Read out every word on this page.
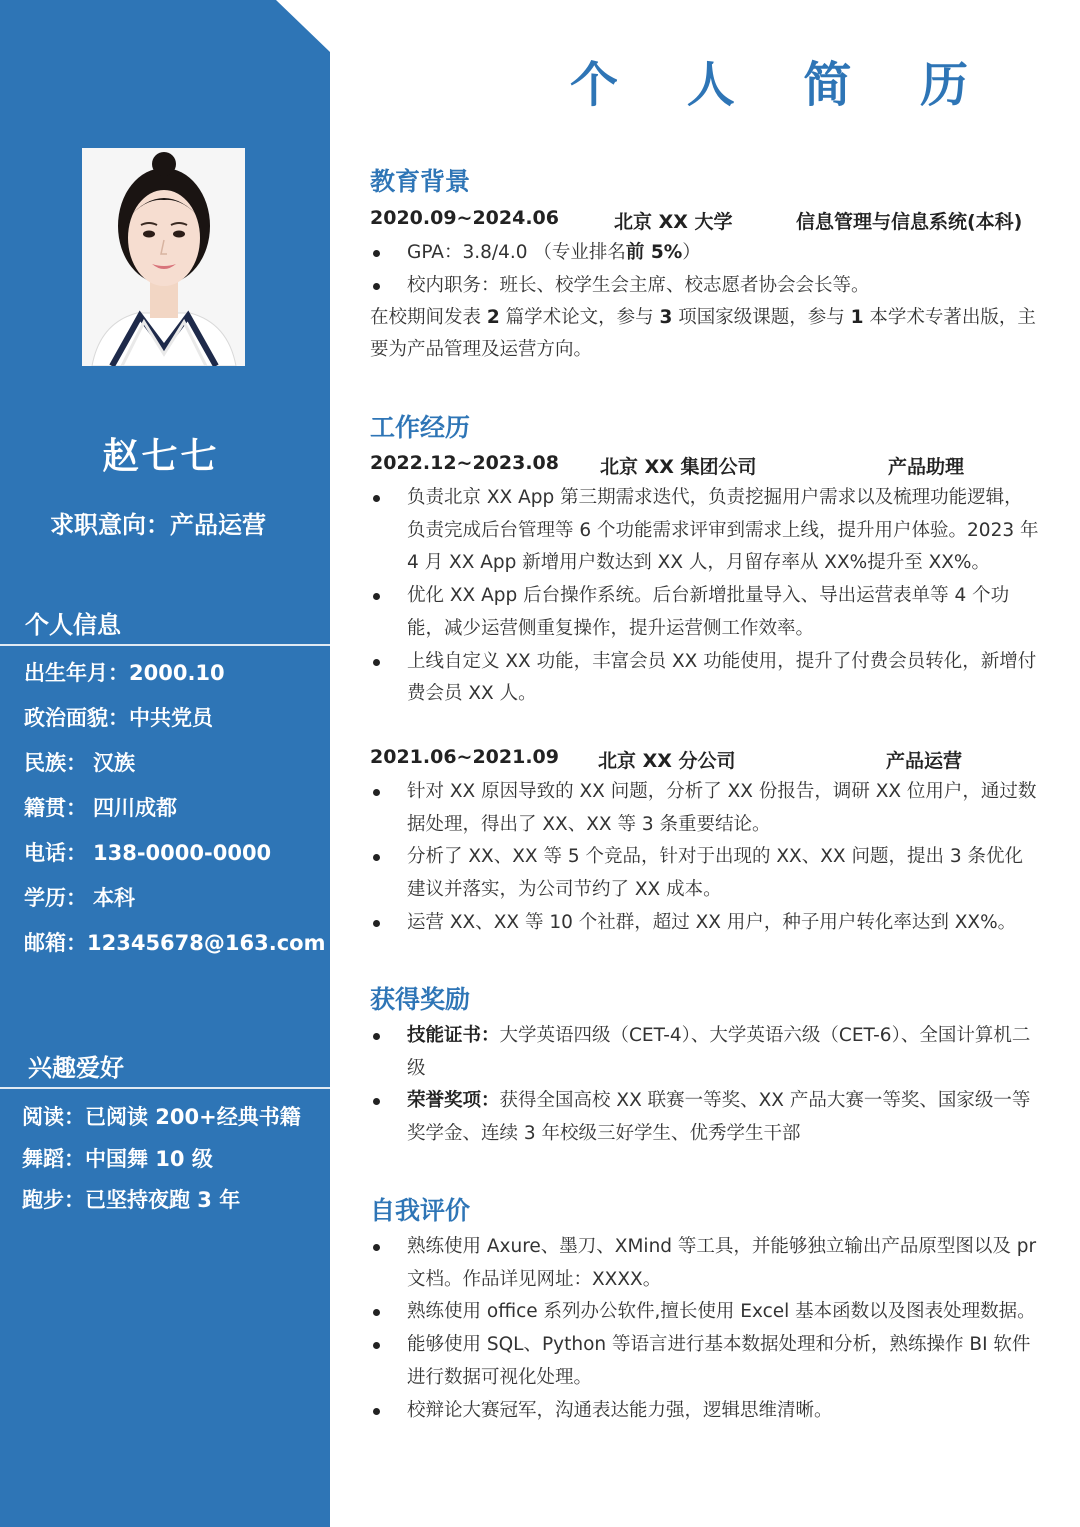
赵七七
求职意向：产品运营
个人信息
出生年月：2000.10
政治面貌：中共党员
民族： 汉族
籍贯： 四川成都
电话： 138-0000-0000
学历： 本科
邮箱：12345678@163.com
兴趣爱好
阅读：已阅读 200+经典书籍
舞蹈：中国舞 10 级
跑步：已坚持夜跑 3 年
个 人 简 历
教育背景
2020.09~2024.06	北京 XX 大学	信息管理与信息系统(本科)
GPA：3.8/4.0 （专业排名前 5%）
校内职务：班长、校学生会主席、校志愿者协会会长等。
在校期间发表 2 篇学术论文，参与 3 项国家级课题，参与 1 本学术专著出版，主要为产品管理及运营方向。
工作经历
2022.12~2023.08 北京 XX 集团公司	产品助理
负责北京 XX App 第三期需求迭代，负责挖掘用户需求以及梳理功能逻辑，负责完成后台管理等 6 个功能需求评审到需求上线，提升用户体验。2023 年 4 月 XX App 新增用户数达到 XX 人，月留存率从 XX%提升至 XX%。
优化 XX App 后台操作系统。后台新增批量导入、导出运营表单等 4 个功能，减少运营侧重复操作，提升运营侧工作效率。
上线自定义 XX 功能，丰富会员 XX 功能使用，提升了付费会员转化，新增付费会员 XX 人。
2021.06~2021.09 北京 XX 分公司	产品运营
针对 XX 原因导致的 XX 问题，分析了 XX 份报告，调研 XX 位用户，通过数据处理，得出了 XX、XX 等 3 条重要结论。
分析了 XX、XX 等 5 个竞品，针对于出现的 XX、XX 问题，提出 3 条优化建议并落实，为公司节约了 XX 成本。
运营 XX、XX 等 10 个社群，超过 XX 用户，种子用户转化率达到 XX%。
获得奖励
技能证书：大学英语四级（CET-4）、大学英语六级（CET-6）、全国计算机二级
荣誉奖项：获得全国高校 XX 联赛一等奖、XX 产品大赛一等奖、国家级一等奖学金、连续 3 年校级三好学生、优秀学生干部
自我评价
熟练使用 Axure、墨刀、XMind 等工具，并能够独立输出产品原型图以及 pr 文档。作品详见网址：XXXX。
熟练使用 office 系列办公软件,擅长使用 Excel 基本函数以及图表处理数据。
能够使用 SQL、Python 等语言进行基本数据处理和分析，熟练操作 BI 软件进行数据可视化处理。
校辩论大赛冠军，沟通表达能力强，逻辑思维清晰。
